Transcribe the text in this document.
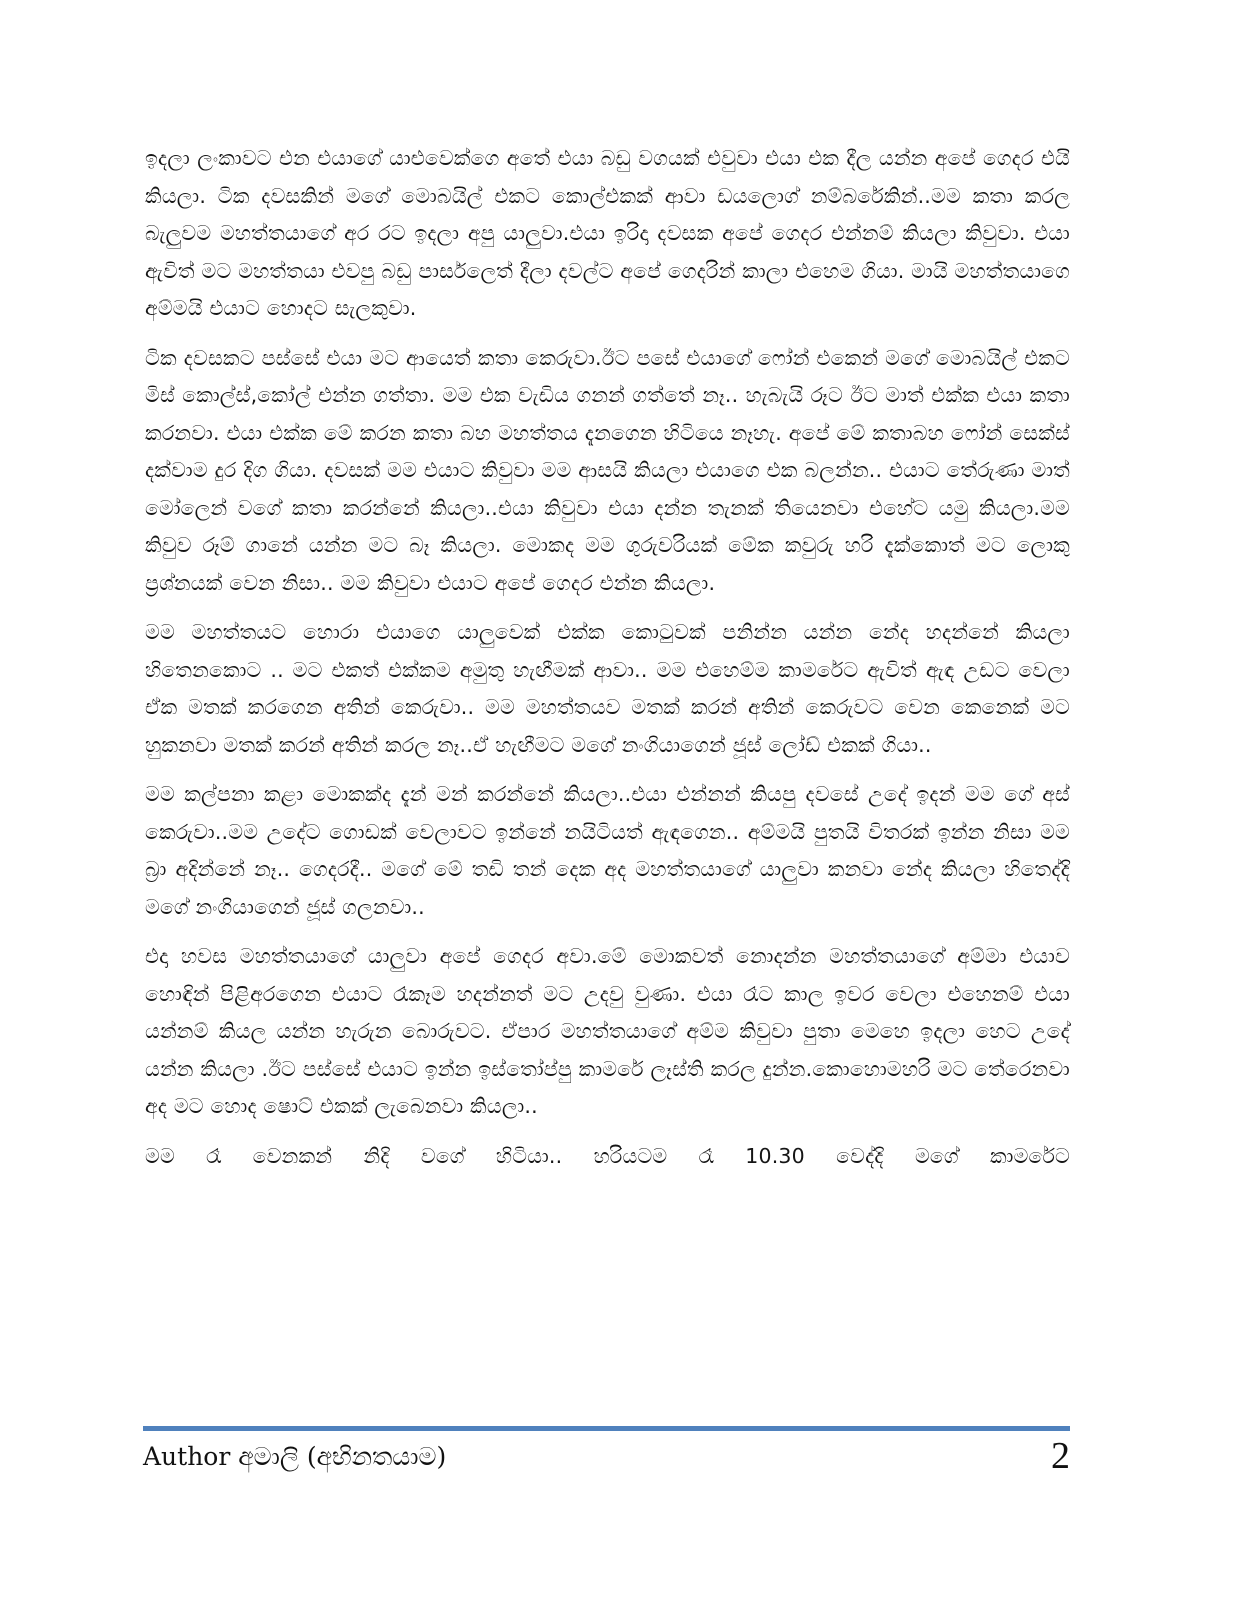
ඉදලා ලංකාවට එන එයාගේ යාළුවෙක්ගෙ අතේ එයා බඩු වගයක් එවුවා එයා එක දීල යන්න අපේ ගෙදර එයි කියලා. ටික දවසකින් මගේ මොබයිල් එකට කොල්එකක් ආවා ඩයලොග් නම්බරේකින්..මම කතා කරල බැලුවම මහත්තයාගේ අර රට ඉදලා අපු යාලුවා.එයා ඉරිදා දවසක අපේ ගෙදර එන්නම් කියලා කිවුවා. එයා ඇවිත් මට මහත්තයා එවපු බඩු පාර්සලෙත් දීලා දවල්ට අපේ ගෙදරින් කාලා එහෙම ගියා. මායි මහත්තයාගෙ අම්මයි එයාට හොදට සැලකුවා.

ටික දවසකට පස්සේ එයා මට ආයෙත් කතා කෙරුවා.ඊට පසේ එයාගේ ෆෝන් එකෙන් මගේ මොබයිල් එකට මිස් කොල්ස්,කෝල් එන්න ගත්තා. මම එක වැඩිය ගනන් ගත්තේ නෑ.. හැබැයි රූට ඊට මාත් එක්ක එයා කතා කරනවා. එයා එක්ක මේ කරන කතා බහ මහත්තය දැනගෙන හිටියෙ නෑහැ. අපේ මේ කතාබහ ෆෝන් සෙක්ස් දක්වාම දුර දිග ගියා. දවසක් මම එයාට කිවුවා මම ආසයි කියලා එයාගෙ එක බලන්න.. එයාට තේරුණා මාත් මෝලෙන් වගේ කතා කරන්නේ කියලා..එයා කිවුවා එයා දන්න තැනක් තියෙනවා එහේට යමු කියලා.මම කිවුව රූම් ගානේ යන්න මට බෑ කියලා. මොකද මම ගුරුවරියක් මේක කවුරු හරි දැක්කොත් මට ලොකු ප්‍රශ්නයක් වෙන නිසා.. මම කිවුවා එයාට අපේ ගෙදර එන්න කියලා.

මම මහත්තයට හොරා එයාගෙ යාලුවෙක් එක්ක කොටුවක් පනින්න යන්න නේද හදන්නේ කියලා හිතෙනකොට .. මට එකත් එක්කම අමුතු හැඟීමක් ආවා.. මම එහෙම්ම කාමරේට ඇවිත් ඇඳ උඩට වෙලා ඒක මතක් කරගෙන අතින් කෙරුවා.. මම මහත්තයව මතක් කරන් අතින් කෙරුවට වෙන කෙනෙක් මට හුකනවා මතක් කරන් අතින් කරල නෑ..ඒ හැඟීමට මගේ නංගියාගෙන් ජූස් ලෝඩ් එකක් ගියා..

මම කල්පනා කළා මොකක්ද දැන් මන් කරන්නේ කියලා..එයා එන්නන් කියපු දවසේ උදේ ඉදන් මම ගේ අස් කෙරුවා..මම උදේට ගොඩක් වෙලාවට ඉන්නේ නයිටියත් ඇඳගෙන.. අම්මයි පුතයි විතරක් ඉන්න නිසා මම බ්‍රා අදින්නේ නෑ.. ගෙදරදී.. මගේ මේ තඩි තන් දෙක අද මහත්තයාගේ යාලුවා කනවා නේද කියලා හිතෙද්දි මගේ නංගියාගෙන් ජූස් ගලනවා..

එදා හවස මහත්තයාගේ යාලුවා අපේ ගෙදර අවා.මේ මොකවත් නොදන්න මහත්තයාගේ අම්මා එයාව හොඳින් පිළිඅරගෙන එයාට රෑකෑම හදන්නත් මට උදවු වුණා. එයා රෑට කාල ඉවර වෙලා එහෙනම් එයා යන්නම් කියල යන්න හැරුන බොරුවට. ඒපාර මහත්තයාගේ අම්ම කිවුවා පුතා මෙහෙ ඉදලා හෙට උදේ යන්න කියලා .ඊට පස්සේ එයාට ඉන්න ඉස්තෝප්පු කාමරේ ලෑස්ති කරල දුන්න.කොහොමහරි මට තේරෙනවා අද මට හොද ෂොට් එකක් ලැබෙනවා කියලා..

මම රෑ වෙනකන් නිදි වගේ හිටියා.. හරියටම රෑ 10.30 වෙද්දි මගේ කාමරේට

Author අමාලි (අභිනතයාම)	2
